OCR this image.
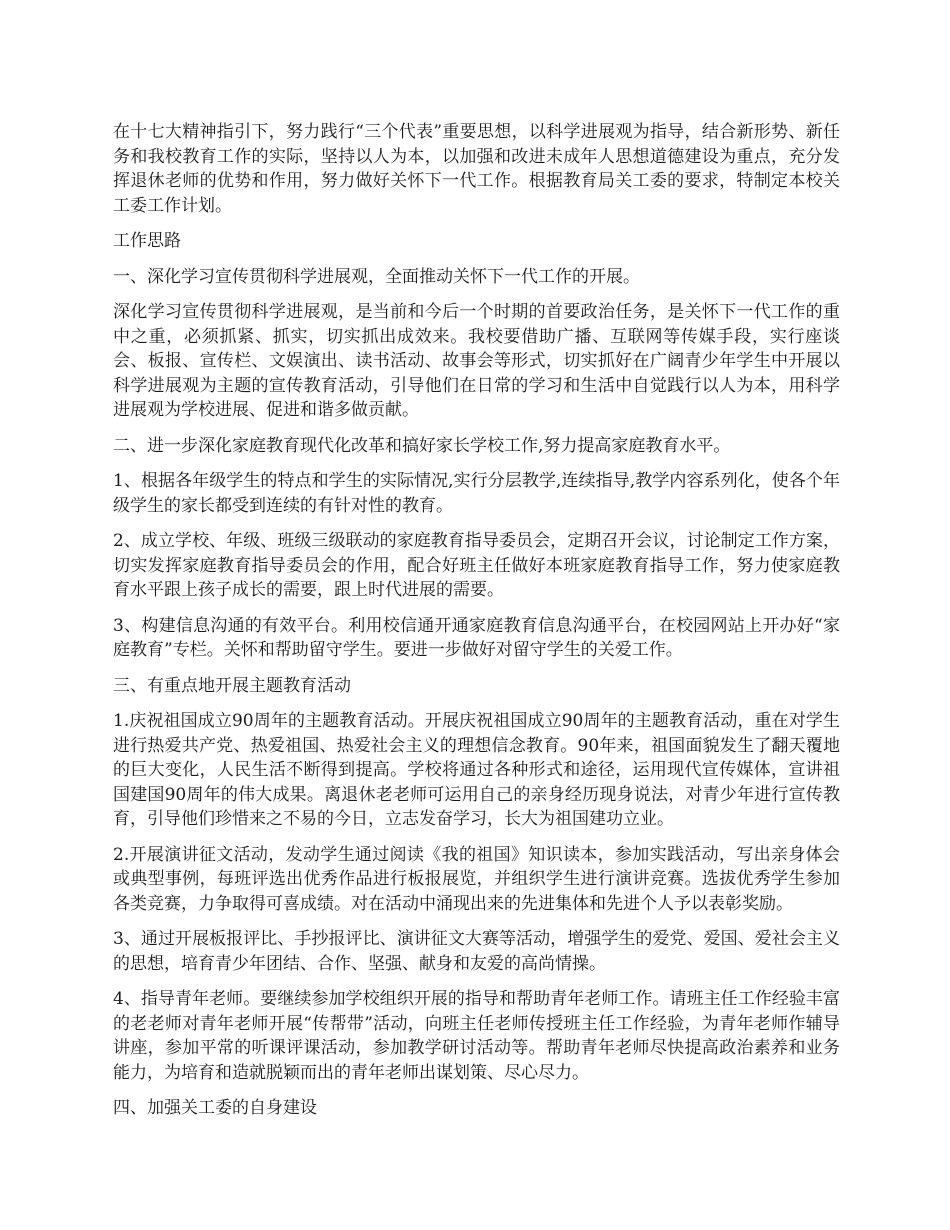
在十七大精神指引下，努力践行“三个代表”重要思想，以科学进展观为指导，结合新形势、新任务和我校教育工作的实际，坚持以人为本，以加强和改进未成年人思想道德建设为重点，充分发挥退休老师的优势和作用，努力做好关怀下一代工作。根据教育局关工委的要求，特制定本校关工委工作计划。

工作思路

一、深化学习宣传贯彻科学进展观，全面推动关怀下一代工作的开展。

深化学习宣传贯彻科学进展观，是当前和今后一个时期的首要政治任务，是关怀下一代工作的重中之重，必须抓紧、抓实，切实抓出成效来。我校要借助广播、互联网等传媒手段，实行座谈会、板报、宣传栏、文娱演出、读书活动、故事会等形式，切实抓好在广阔青少年学生中开展以科学进展观为主题的宣传教育活动，引导他们在日常的学习和生活中自觉践行以人为本，用科学进展观为学校进展、促进和谐多做贡献。

二、进一步深化家庭教育现代化改革和搞好家长学校工作,努力提高家庭教育水平。

1、根据各年级学生的特点和学生的实际情况,实行分层教学,连续指导,教学内容系列化，使各个年级学生的家长都受到连续的有针对性的教育。

2、成立学校、年级、班级三级联动的家庭教育指导委员会，定期召开会议，讨论制定工作方案，切实发挥家庭教育指导委员会的作用，配合好班主任做好本班家庭教育指导工作，努力使家庭教育水平跟上孩子成长的需要，跟上时代进展的需要。

3、构建信息沟通的有效平台。利用校信通开通家庭教育信息沟通平台，在校园网站上开办好“家庭教育”专栏。关怀和帮助留守学生。要进一步做好对留守学生的关爱工作。

三、有重点地开展主题教育活动

1.庆祝祖国成立90周年的主题教育活动。开展庆祝祖国成立90周年的主题教育活动，重在对学生进行热爱共产党、热爱祖国、热爱社会主义的理想信念教育。90年来，祖国面貌发生了翻天覆地的巨大变化，人民生活不断得到提高。学校将通过各种形式和途径，运用现代宣传媒体，宣讲祖国建国90周年的伟大成果。离退休老老师可运用自己的亲身经历现身说法，对青少年进行宣传教育，引导他们珍惜来之不易的今日，立志发奋学习，长大为祖国建功立业。

2.开展演讲征文活动，发动学生通过阅读《我的祖国》知识读本，参加实践活动，写出亲身体会或典型事例，每班评选出优秀作品进行板报展览，并组织学生进行演讲竞赛。选拔优秀学生参加各类竞赛，力争取得可喜成绩。对在活动中涌现出来的先进集体和先进个人予以表彰奖励。

3、通过开展板报评比、手抄报评比、演讲征文大赛等活动，增强学生的爱党、爱国、爱社会主义的思想，培育青少年团结、合作、坚强、献身和友爱的高尚情操。

4、指导青年老师。要继续参加学校组织开展的指导和帮助青年老师工作。请班主任工作经验丰富的老老师对青年老师开展“传帮带”活动，向班主任老师传授班主任工作经验，为青年老师作辅导讲座，参加平常的听课评课活动，参加教学研讨活动等。帮助青年老师尽快提高政治素养和业务能力，为培育和造就脱颖而出的青年老师出谋划策、尽心尽力。

四、加强关工委的自身建设
